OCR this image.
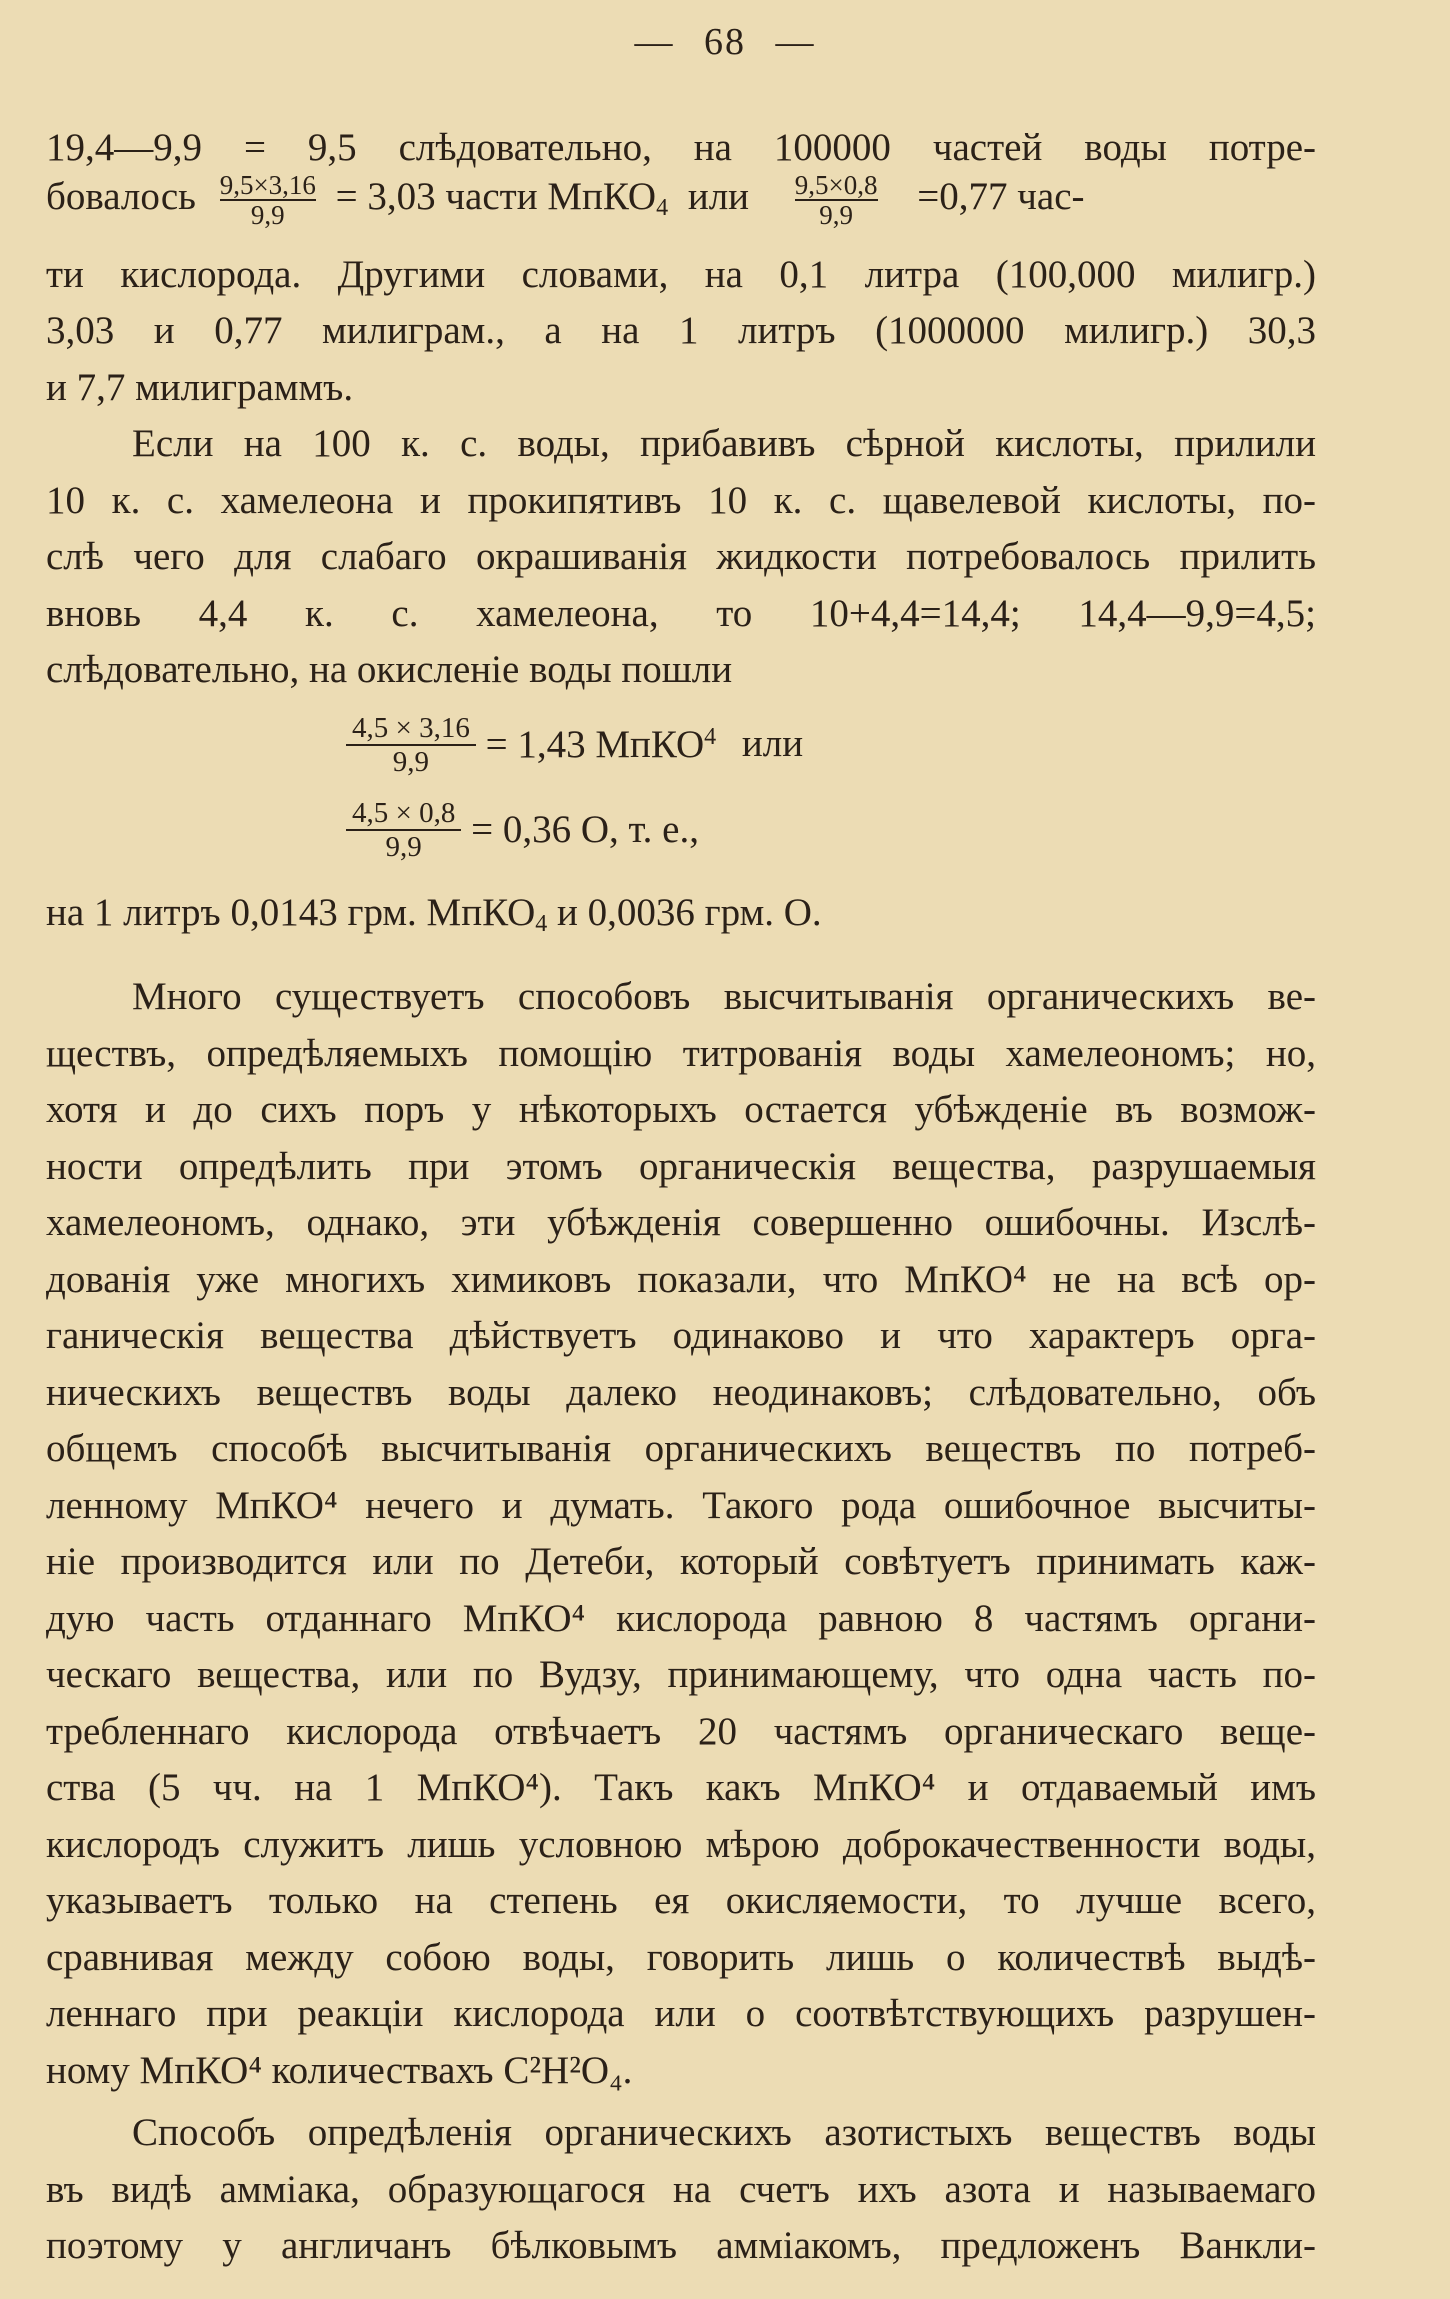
— 68 —
19,4—9,9 = 9,5 слѣдовательно, на 100000 частей воды потре-
бовалось $\frac{9,5\times 3,16}{9,9} = 3,03$ части МпКО$_4$ или $\frac{9,5\times 0,8}{9,9} =0,77$ час-
ти кислорода. Другими словами, на 0,1 литра (100,000 милигр.)
3,03 и 0,77 милиграм., а на 1 литръ (1000000 милигр.) 30,3
и 7,7 милиграммъ.
Если на 100 к. с. воды, прибавивъ сѣрной кислоты, прилили
10 к. с. хамелеона и прокипятивъ 10 к. с. щавелевой кислоты, по-
слѣ чего для слабаго окрашиванія жидкости потребовалось прилить
вновь 4,4 к. с. хамелеона, то 10+4,4=14,4; 14,4—9,9=4,5;
слѣдовательно, на окисленіе воды пошли
$\frac{4,5 \times 3,16}{9,9} = 1,43$ МпКО$^4$ или
$\frac{4,5 \times 0,8}{9,9} = 0,36$ О, т. е.,
на 1 литръ 0,0143 грм. МпКО$_4$ и 0,0036 грм. О.
Много существуетъ способовъ высчитыванія органическихъ ве-
ществъ, опредѣляемыхъ помощію титрованія воды хамелеономъ; но,
хотя и до сихъ поръ у нѣкоторыхъ остается убѣжденіе въ возмож-
ности опредѣлить при этомъ органическія вещества, разрушаемыя
хамелеономъ, однако, эти убѣжденія совершенно ошибочны. Изслѣ-
дованія уже многихъ химиковъ показали, что МпКО⁴ не на всѣ ор-
ганическія вещества дѣйствуетъ одинаково и что характеръ орга-
ническихъ веществъ воды далеко неодинаковъ; слѣдовательно, объ
общемъ способѣ высчитыванія органическихъ веществъ по потреб-
ленному МпКО⁴ нечего и думать. Такого рода ошибочное высчиты-
ніе производится или по Детеби, который совѣтуетъ принимать каж-
дую часть отданнаго МпКО⁴ кислорода равною 8 частямъ органи-
ческаго вещества, или по Вудзу, принимающему, что одна часть по-
требленнаго кислорода отвѣчаетъ 20 частямъ органическаго веще-
ства (5 чч. на 1 МпКО⁴). Такъ какъ МпКО⁴ и отдаваемый имъ
кислородъ служитъ лишь условною мѣрою доброкачественности воды,
указываетъ только на степень ея окисляемости, то лучше всего,
сравнивая между собою воды, говорить лишь о количествѣ выдѣ-
леннаго при реакціи кислорода или о соотвѣтствующихъ разрушен-
ному МпКО⁴ количествахъ С²Н²О₄.
Способъ опредѣленія органическихъ азотистыхъ веществъ воды
въ видѣ аммiака, образующагося на счетъ ихъ азота и называемаго
поэтому у англичанъ бѣлковымъ аммiакомъ, предложенъ Ванкли-
